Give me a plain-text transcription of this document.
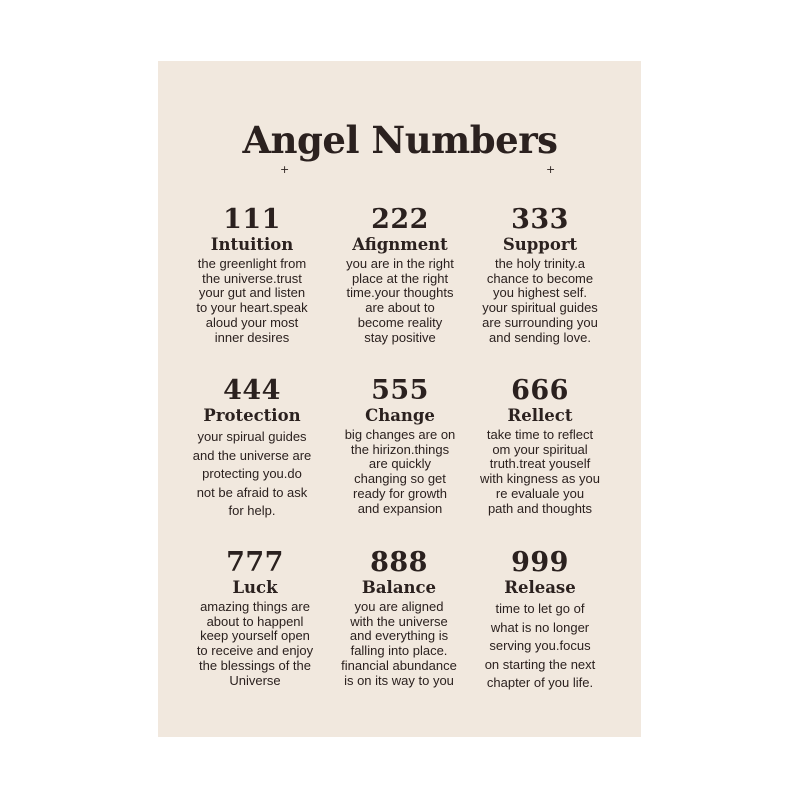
Angel Numbers
+	+
111
Intuition
the greenlight from
the universe.trust
your gut and listen
to your heart.speak
aloud your most
inner desires
222
Afignment
you are in the right
place at the right
time.your thoughts
are about to
become reality
stay positive
333
Support
the holy trinity.a
chance to become
you highest self.
your spiritual guides
are surrounding you
and sending love.
444
Protection
your spirual guides
and the universe are
protecting you.do
not be afraid to ask
for help.
555
Change
big changes are on
the hirizon.things
are quickly
changing so get
ready for growth
and expansion
666
Rellect
take time to reflect
om your spiritual
truth.treat youself
with kingness as you
re evaluale you
path and thoughts
777
Luck
amazing things are
about to happenl
keep yourself open
to receive and enjoy
the blessings of the
Universe
888
Balance
you are aligned
with the universe
and everything is
falling into place.
financial abundance
is on its way to you
999
Release
time to let go of
what is no longer
serving you.focus
on starting the next
chapter of you life.
